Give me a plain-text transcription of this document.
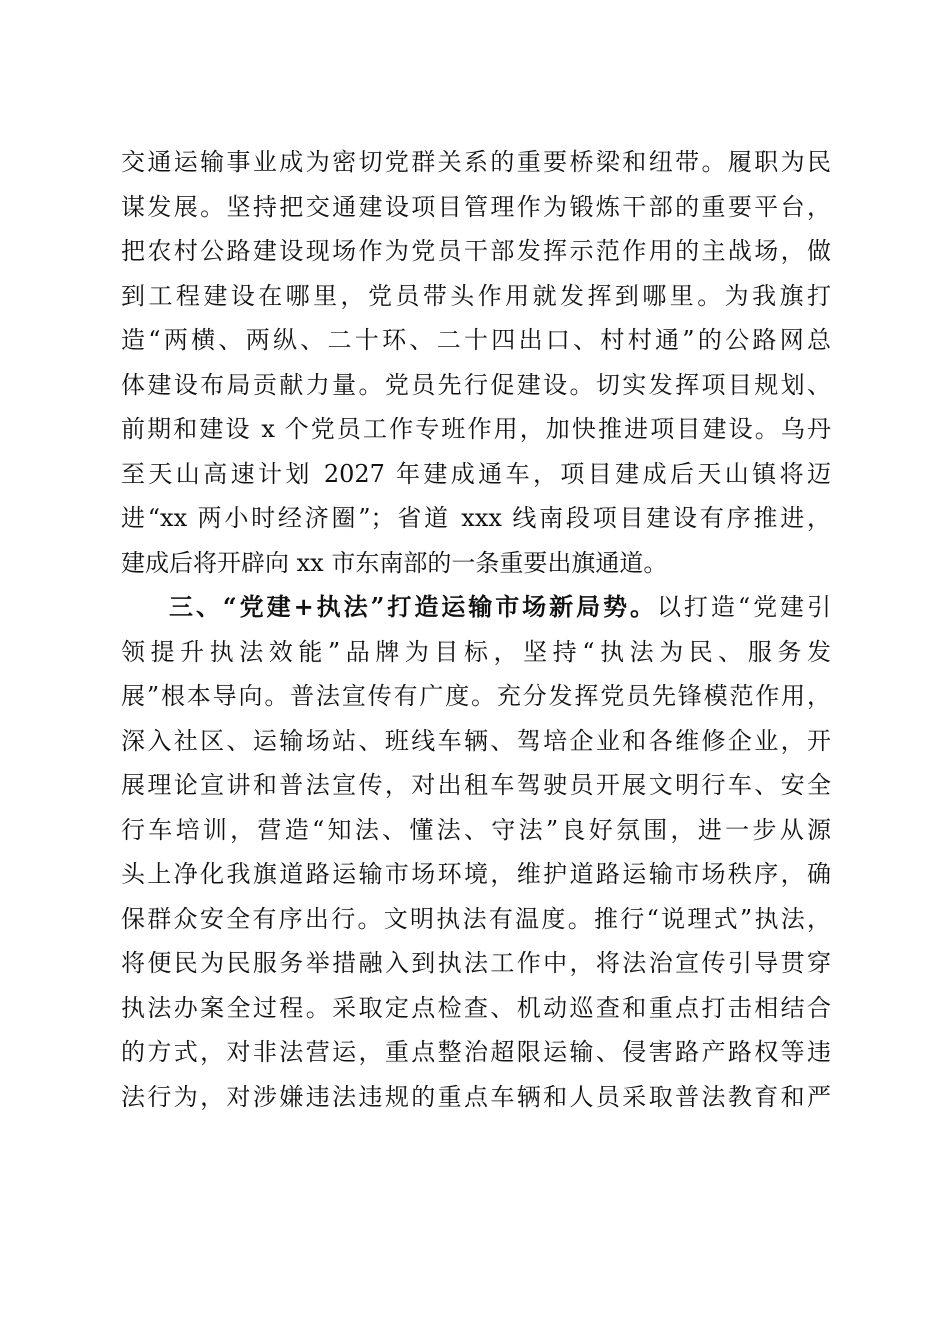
交通运输事业成为密切党群关系的重要桥梁和纽带。履职为民
谋发展。坚持把交通建设项目管理作为锻炼干部的重要平台，
把农村公路建设现场作为党员干部发挥示范作用的主战场，做
到工程建设在哪里，党员带头作用就发挥到哪里。为我旗打
造“两横、两纵、二十环、二十四出口、村村通”的公路网总
体建设布局贡献力量。党员先行促建设。切实发挥项目规划、
前期和建设 x 个党员工作专班作用，加快推进项目建设。乌丹
至天山高速计划 2027 年建成通车，项目建成后天山镇将迈
进“xx 两小时经济圈”；省道 xxx 线南段项目建设有序推进，
建成后将开辟向 xx 市东南部的一条重要出旗通道。
三、“党建+执法”打造运输市场新局势。以打造“党建引
领提升执法效能”品牌为目标，坚持“执法为民、服务发
展”根本导向。普法宣传有广度。充分发挥党员先锋模范作用，
深入社区、运输场站、班线车辆、驾培企业和各维修企业，开
展理论宣讲和普法宣传，对出租车驾驶员开展文明行车、安全
行车培训，营造“知法、懂法、守法”良好氛围，进一步从源
头上净化我旗道路运输市场环境，维护道路运输市场秩序，确
保群众安全有序出行。文明执法有温度。推行“说理式”执法，
将便民为民服务举措融入到执法工作中，将法治宣传引导贯穿
执法办案全过程。采取定点检查、机动巡查和重点打击相结合
的方式，对非法营运，重点整治超限运输、侵害路产路权等违
法行为，对涉嫌违法违规的重点车辆和人员采取普法教育和严
